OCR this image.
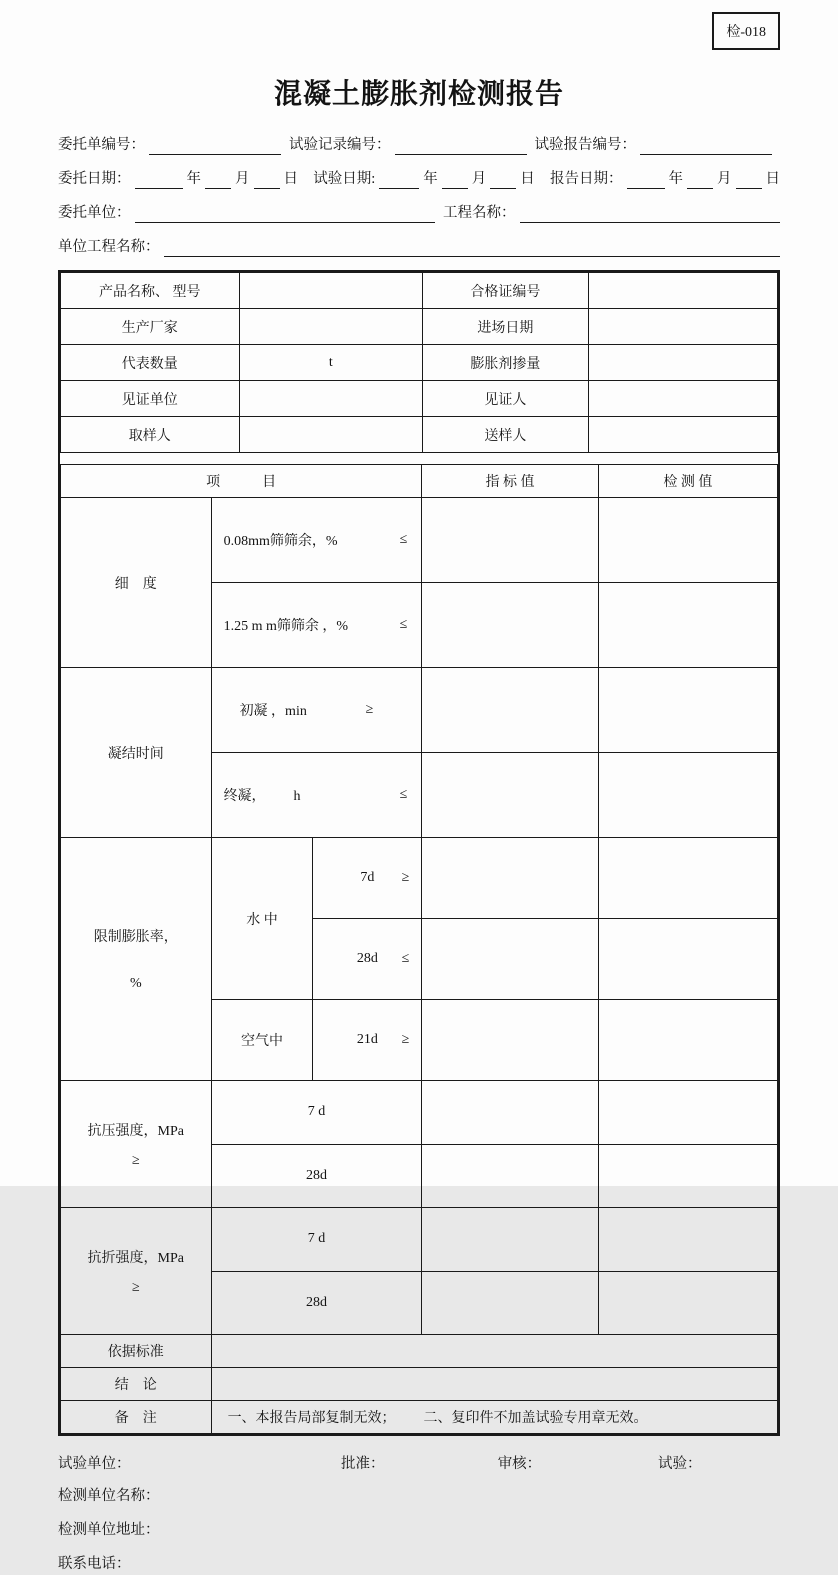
混凝土膨胀剂检测报告
检-018
委托单编号：	试验记录编号：	试验报告编号：
委托日期：	年 月 日 试验日期:	年 月 日 报告日期：	年 月 日
委托单位：	工程名称：
单位工程名称：
产品名称、 型号		合格证编号	
生产厂家		进场日期	
代表数量	t	膨胀剂掺量	
见证单位		见证人	
取样人		送样人	
项　　　目			指 标 值	检 测 值
细　度	0.08mm筛筛余，% ≤			

	1.25 m m筛筛余 ，% ≤			

凝结时间	初凝 ，min ≥			

	终凝，        h ≤			

限制膨胀率，
%	水 中	7d ≥		

		28d ≤		

	空气中	21d ≥		

抗压强度，MPa
≥	7 d			
	28d			

抗折强度，MPa
≥	7 d			
	28d			
依据标准				
结　论				
备　注	一、本报告局部复制无效；        二、复印件不加盖试验专用章无效。			
试验单位：	批准：	审核：	试验：
检测单位名称：
检测单位地址：
联系电话：
